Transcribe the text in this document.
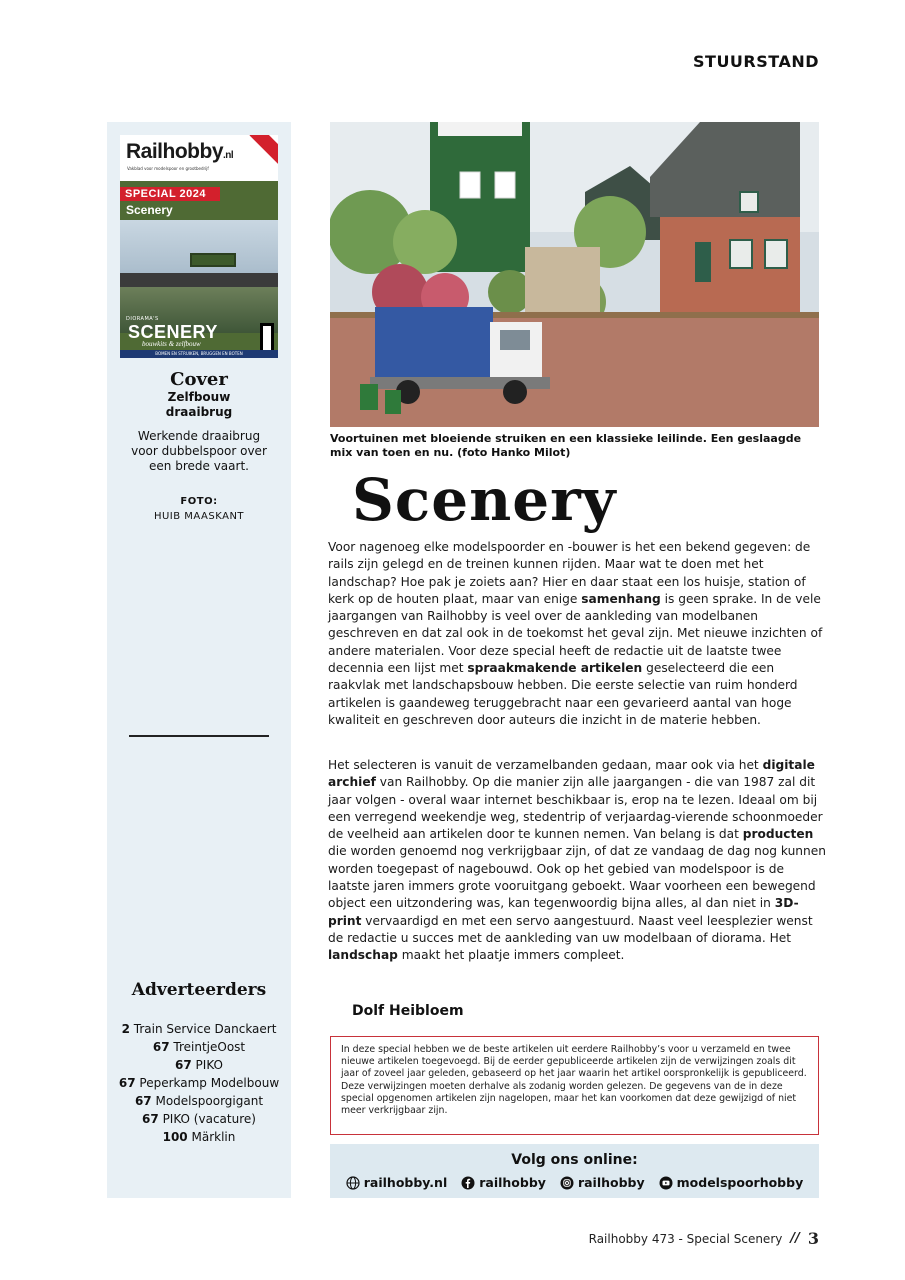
STUURSTAND
Railhobby.nl
Vakblad voor modelspoor en grootbedrijf
SPECIAL 2024
Scenery
DIORAMA'S
SCENERY
bouwkits & zelfbouw
BOMEN EN STRUIKEN, BRUGGEN EN BOTEN
Cover
Zelfbouw
draaibrug
Werkende draaibrug voor dubbelspoor over een brede vaart.
FOTO:
HUIB MAASKANT
Adverteerders
2 Train Service Danckaert
67 TreintjeOost
67 PIKO
67 Peperkamp Modelbouw
67 Modelspoorgigant
67 PIKO (vacature)
100 Märklin
Voortuinen met bloeiende struiken en een klassieke leilinde. Een geslaagde mix van toen en nu. (foto Hanko Milot)
Scenery
Voor nagenoeg elke modelspoorder en -bouwer is het een bekend gegeven: de rails zijn gelegd en de treinen kunnen rijden. Maar wat te doen met het landschap? Hoe pak je zoiets aan? Hier en daar staat een los huisje, station of kerk op de houten plaat, maar van enige samenhang is geen sprake. In de vele jaargangen van Railhobby is veel over de aankleding van modelbanen geschreven en dat zal ook in de toekomst het geval zijn. Met nieuwe inzichten of andere materialen. Voor deze special heeft de redactie uit de laatste twee decennia een lijst met spraakmakende artikelen geselecteerd die een raakvlak met landschapsbouw hebben. Die eerste selectie van ruim honderd artikelen is gaandeweg teruggebracht naar een gevarieerd aantal van hoge kwaliteit en geschreven door auteurs die inzicht in de materie hebben.
Het selecteren is vanuit de verzamelbanden gedaan, maar ook via het digitale archief van Railhobby. Op die manier zijn alle jaargangen - die van 1987 zal dit jaar volgen - overal waar internet beschikbaar is, erop na te lezen. Ideaal om bij een verregend weekendje weg, stedentrip of verjaardag-vierende schoonmoeder de veelheid aan artikelen door te kunnen nemen. Van belang is dat producten die worden genoemd nog verkrijgbaar zijn, of dat ze vandaag de dag nog kunnen worden toegepast of nagebouwd. Ook op het gebied van modelspoor is de laatste jaren immers grote vooruitgang geboekt. Waar voorheen een bewegend object een uitzondering was, kan tegenwoordig bijna alles, al dan niet in 3D-print vervaardigd en met een servo aangestuurd. Naast veel leesplezier wenst de redactie u succes met de aankleding van uw modelbaan of diorama. Het landschap maakt het plaatje immers compleet.
Dolf Heibloem
In deze special hebben we de beste artikelen uit eerdere Railhobby’s voor u verzameld en twee nieuwe artikelen toegevoegd. Bij de eerder gepubliceerde artikelen zijn de verwijzingen zoals dit jaar of zoveel jaar geleden, gebaseerd op het jaar waarin het artikel oorspronkelijk is gepubliceerd. Deze verwijzingen moeten derhalve als zodanig worden gelezen. De gegevens van de in deze special opgenomen artikelen zijn nagelopen, maar het kan voorkomen dat deze gewijzigd of niet meer verkrijgbaar zijn.
Volg ons online:
railhobby.nl	railhobby	railhobby	modelspoorhobby
Railhobby 473 - Special Scenery // 3
